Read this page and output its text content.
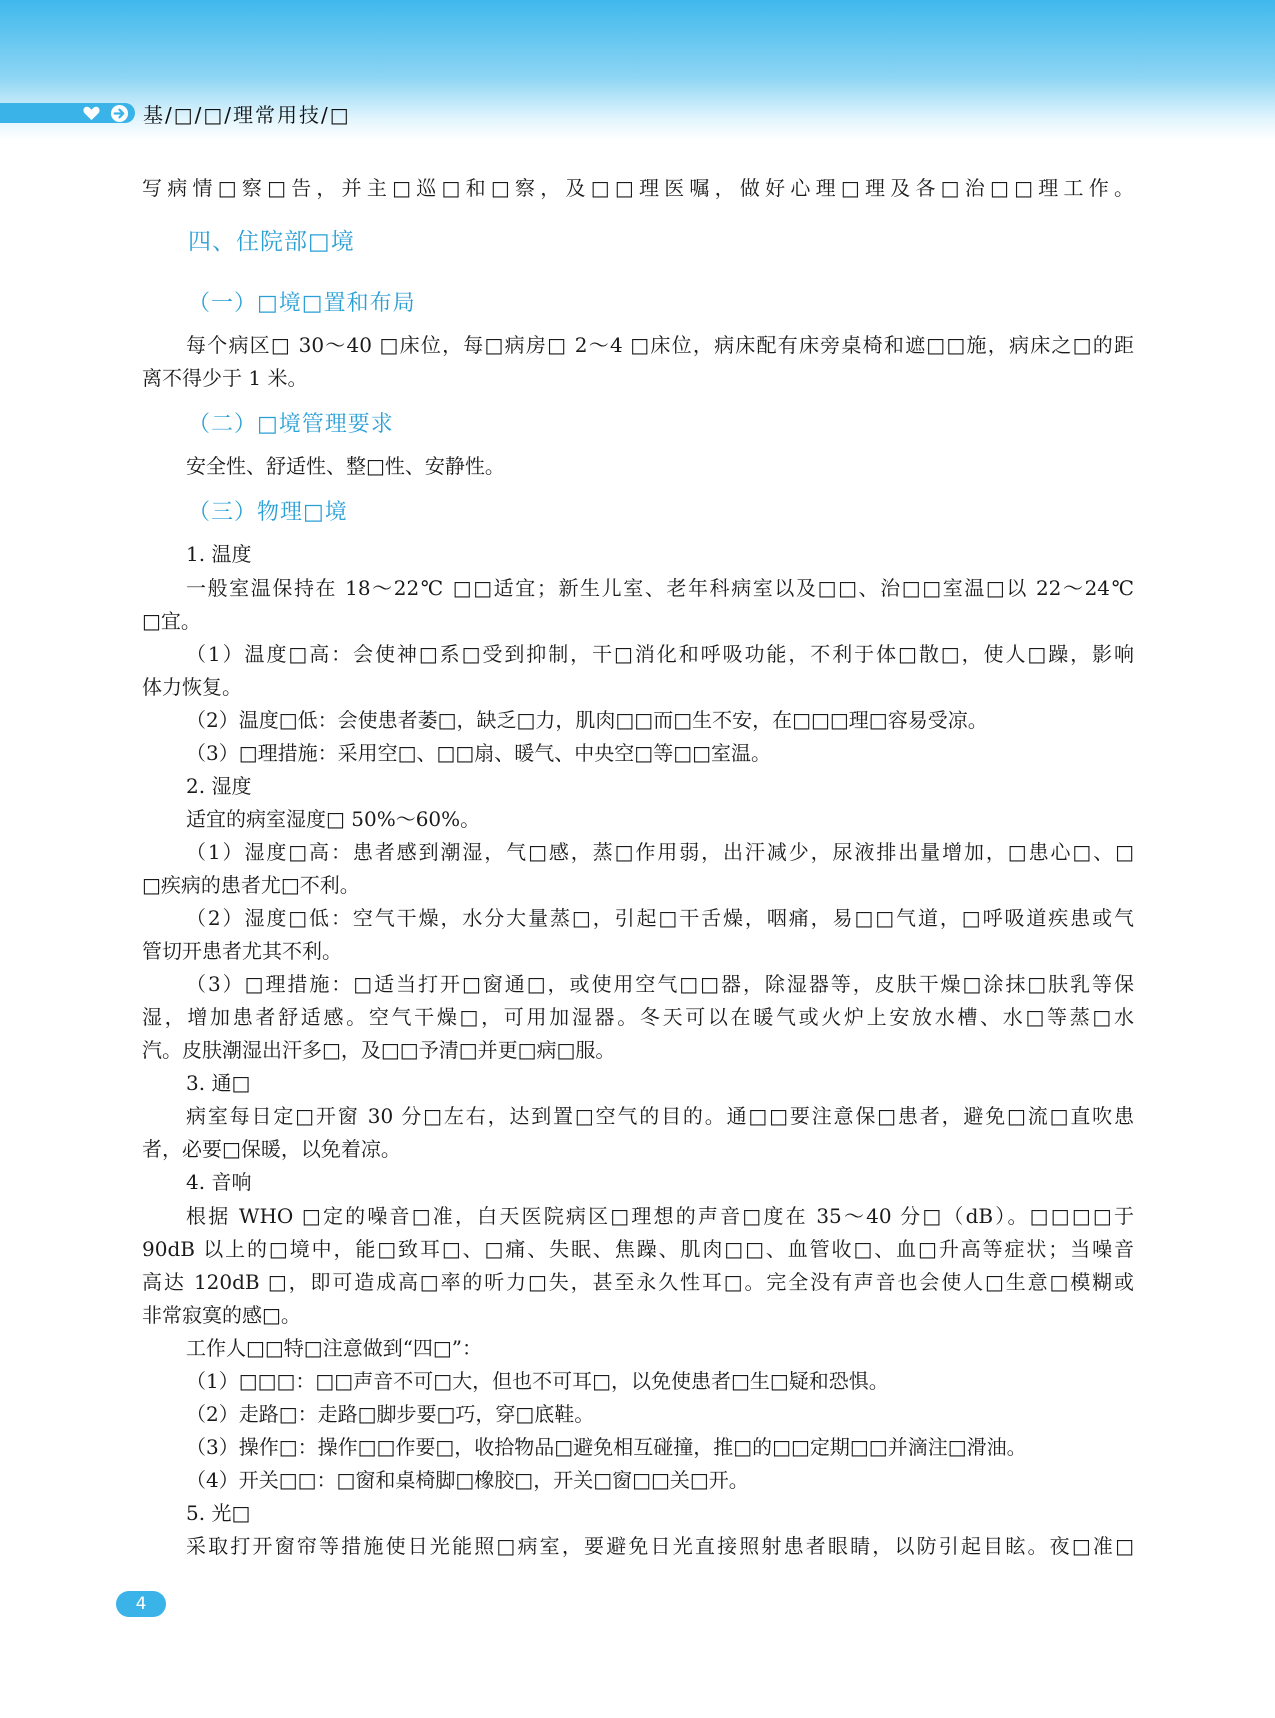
基/□/□/理常用技/□
写病情□察□告，并主□巡□和□察，及□□理医嘱，做好心理□理及各□治□□理工作。
四、住院部□境
（一）□境□置和布局
每个病区□ 30～40 □床位，每□病房□ 2～4 □床位，病床配有床旁桌椅和遮□□施，病床之□的距
离不得少于 1 米。
（二）□境管理要求
安全性、舒适性、整□性、安静性。
（三）物理□境
1. 温度
一般室温保持在 18～22℃ □□适宜；新生儿室、老年科病室以及□□、治□□室温□以 22～24℃
□宜。
（1）温度□高：会使神□系□受到抑制，干□消化和呼吸功能，不利于体□散□，使人□躁，影响
体力恢复。
（2）温度□低：会使患者萎□，缺乏□力，肌肉□□而□生不安，在□□□理□容易受凉。
（3）□理措施：采用空□、□□扇、暖气、中央空□等□□室温。
2. 湿度
适宜的病室湿度□ 50%～60%。
（1）湿度□高：患者感到潮湿，气□感，蒸□作用弱，出汗减少，尿液排出量增加，□患心□、□
□疾病的患者尤□不利。
（2）湿度□低：空气干燥，水分大量蒸□，引起□干舌燥，咽痛，易□□气道，□呼吸道疾患或气
管切开患者尤其不利。
（3）□理措施：□适当打开□窗通□，或使用空气□□器，除湿器等，皮肤干燥□涂抹□肤乳等保
湿，增加患者舒适感。空气干燥□，可用加湿器。冬天可以在暖气或火炉上安放水槽、水□等蒸□水
汽。皮肤潮湿出汗多□，及□□予清□并更□病□服。
3. 通□
病室每日定□开窗 30 分□左右，达到置□空气的目的。通□□要注意保□患者，避免□流□直吹患
者，必要□保暖，以免着凉。
4. 音响
根据 WHO □定的噪音□准，白天医院病区□理想的声音□度在 35～40 分□（dB）。□□□□于
90dB 以上的□境中，能□致耳□、□痛、失眠、焦躁、肌肉□□、血管收□、血□升高等症状；当噪音
高达 120dB □，即可造成高□率的听力□失，甚至永久性耳□。完全没有声音也会使人□生意□模糊或
非常寂寞的感□。
工作人□□特□注意做到“四□”：
（1）□□□：□□声音不可□大，但也不可耳□，以免使患者□生□疑和恐惧。
（2）走路□：走路□脚步要□巧，穿□底鞋。
（3）操作□：操作□□作要□，收拾物品□避免相互碰撞，推□的□□定期□□并滴注□滑油。
（4）开关□□：□窗和桌椅脚□橡胶□，开关□窗□□关□开。
5. 光□
采取打开窗帘等措施使日光能照□病室，要避免日光直接照射患者眼睛，以防引起目眩。夜□准□
4
